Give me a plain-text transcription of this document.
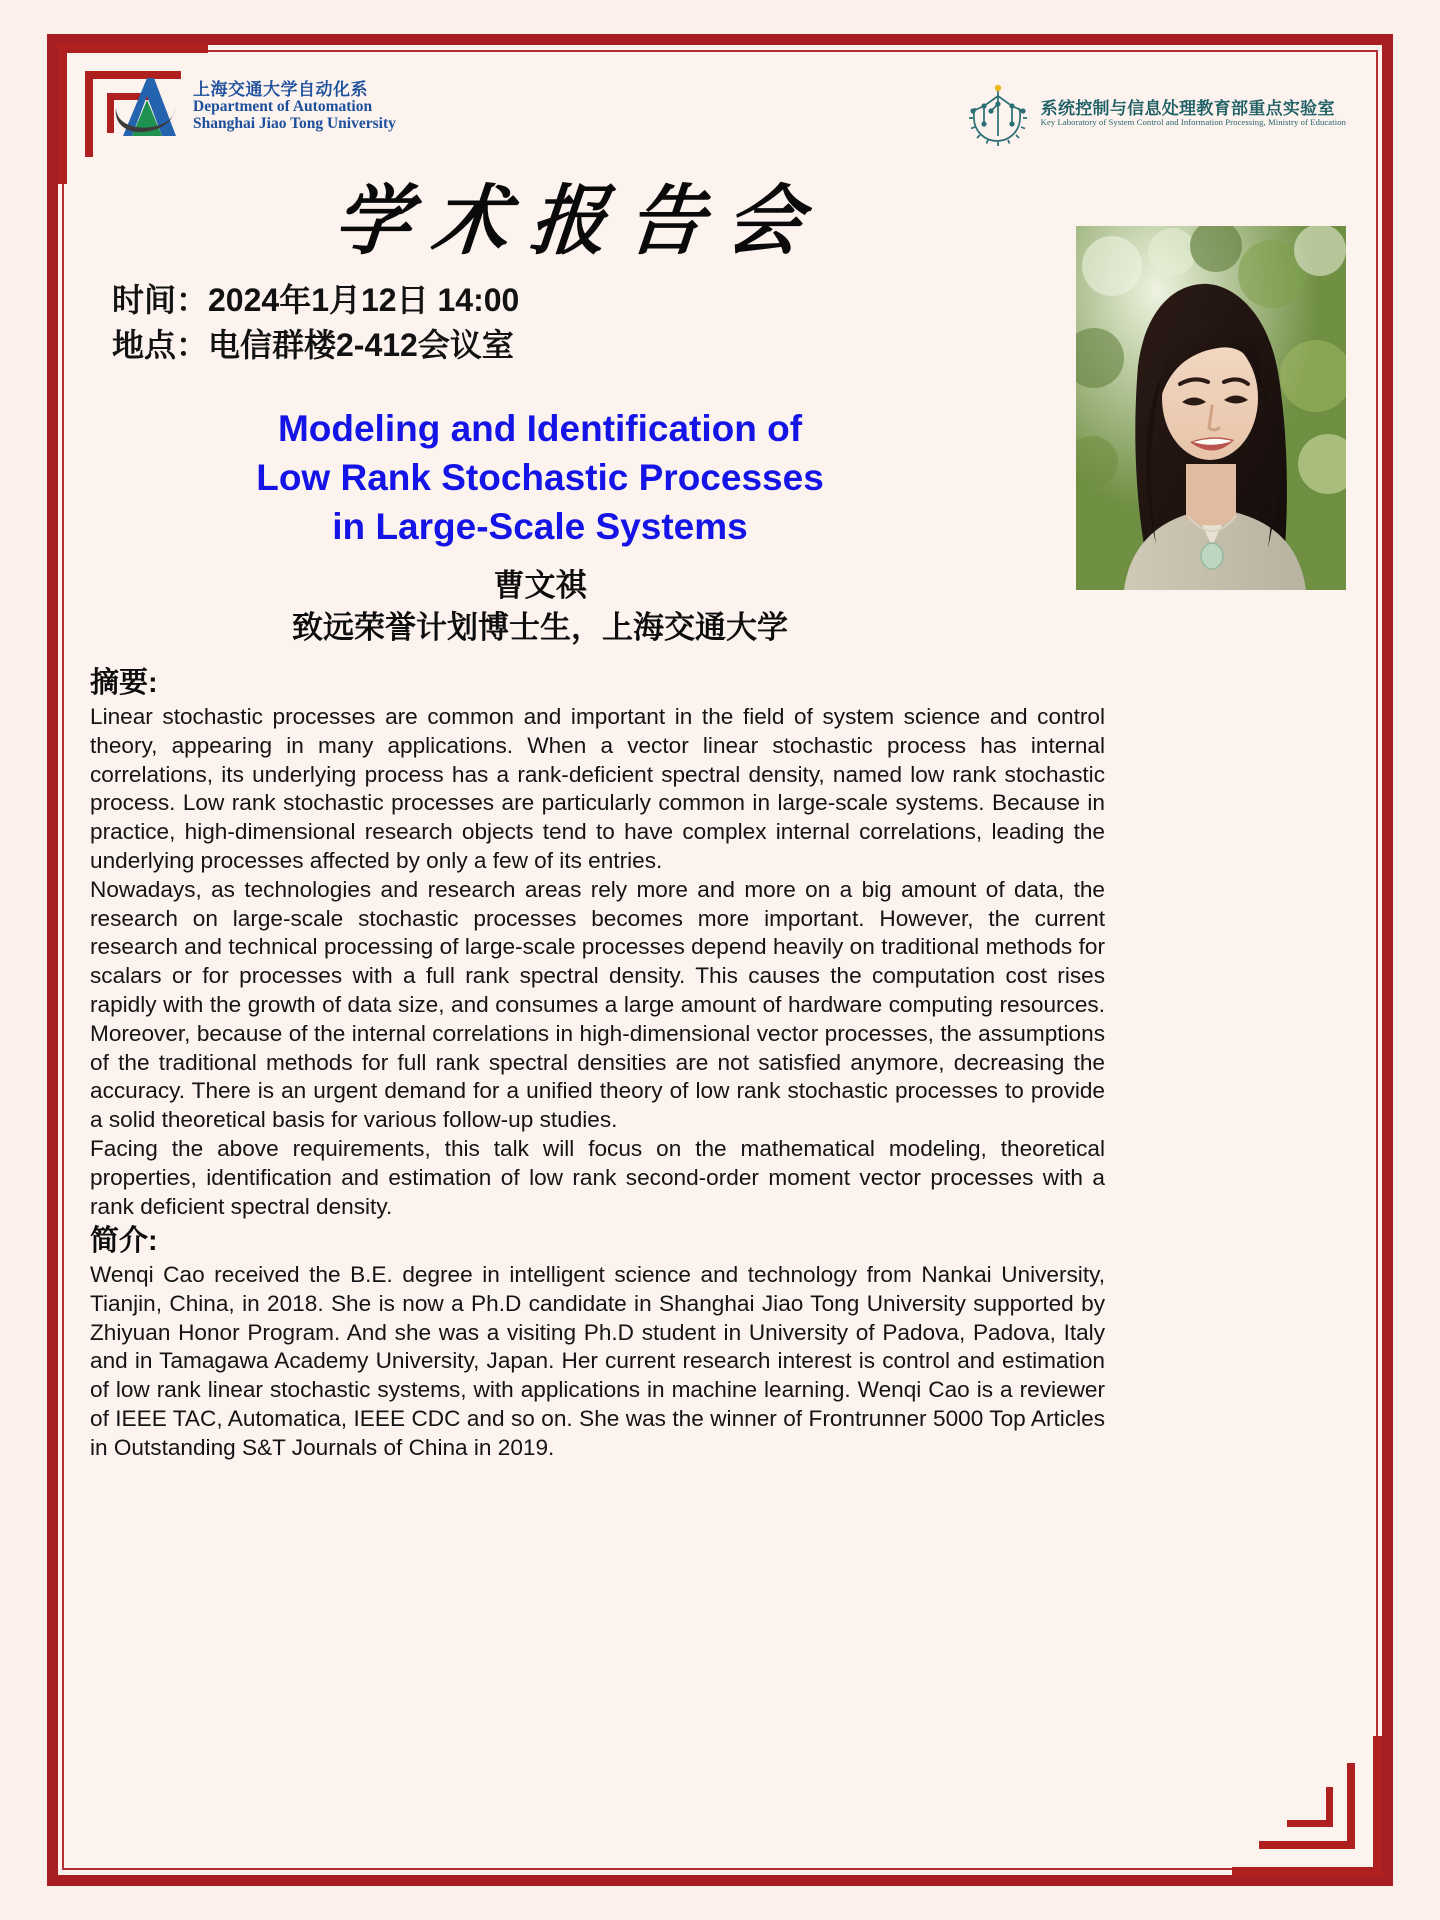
上海交通大学自动化系
Department of Automation
Shanghai Jiao Tong University
系统控制与信息处理教育部重点实验室
Key Laboratory of System Control and Information Processing, Ministry of Education
学术报告会
时间：2024年1月12日 14:00
地点：电信群楼2-412会议室
Modeling and Identification of
Low Rank Stochastic Processes
in Large-Scale Systems
曹文祺
致远荣誉计划博士生，上海交通大学
摘要:

Linear stochastic processes are common and important in the field of system science and control theory, appearing in many applications. When a vector linear stochastic process has internal correlations, its underlying process has a rank-deficient spectral density, named low rank stochastic process. Low rank stochastic processes are particularly common in large-scale systems. Because in practice, high-dimensional research objects tend to have complex internal correlations, leading the underlying processes affected by only a few of its entries.

Nowadays, as technologies and research areas rely more and more on a big amount of data, the research on large-scale stochastic processes becomes more important. However, the current research and technical processing of large-scale processes depend heavily on traditional methods for scalars or for processes with a full rank spectral density. This causes the computation cost rises rapidly with the growth of data size, and consumes a large amount of hardware computing resources. Moreover, because of the internal correlations in high-dimensional vector processes, the assumptions of the traditional methods for full rank spectral densities are not satisfied anymore, decreasing the accuracy. There is an urgent demand for a unified theory of low rank stochastic processes to provide a solid theoretical basis for various follow-up studies.

Facing the above requirements, this talk will focus on the mathematical modeling, theoretical properties, identification and estimation of low rank second-order moment vector processes with a rank deficient spectral density.

简介:

Wenqi Cao received the B.E. degree in intelligent science and technology from Nankai University, Tianjin, China, in 2018. She is now a Ph.D candidate in Shanghai Jiao Tong University supported by Zhiyuan Honor Program. And she was a visiting Ph.D student in University of Padova, Padova, Italy and in Tamagawa Academy University, Japan. Her current research interest is control and estimation of low rank linear stochastic systems, with applications in machine learning. Wenqi Cao is a reviewer of IEEE TAC, Automatica, IEEE CDC and so on. She was the winner of Frontrunner 5000 Top Articles in Outstanding S&T Journals of China in 2019.
